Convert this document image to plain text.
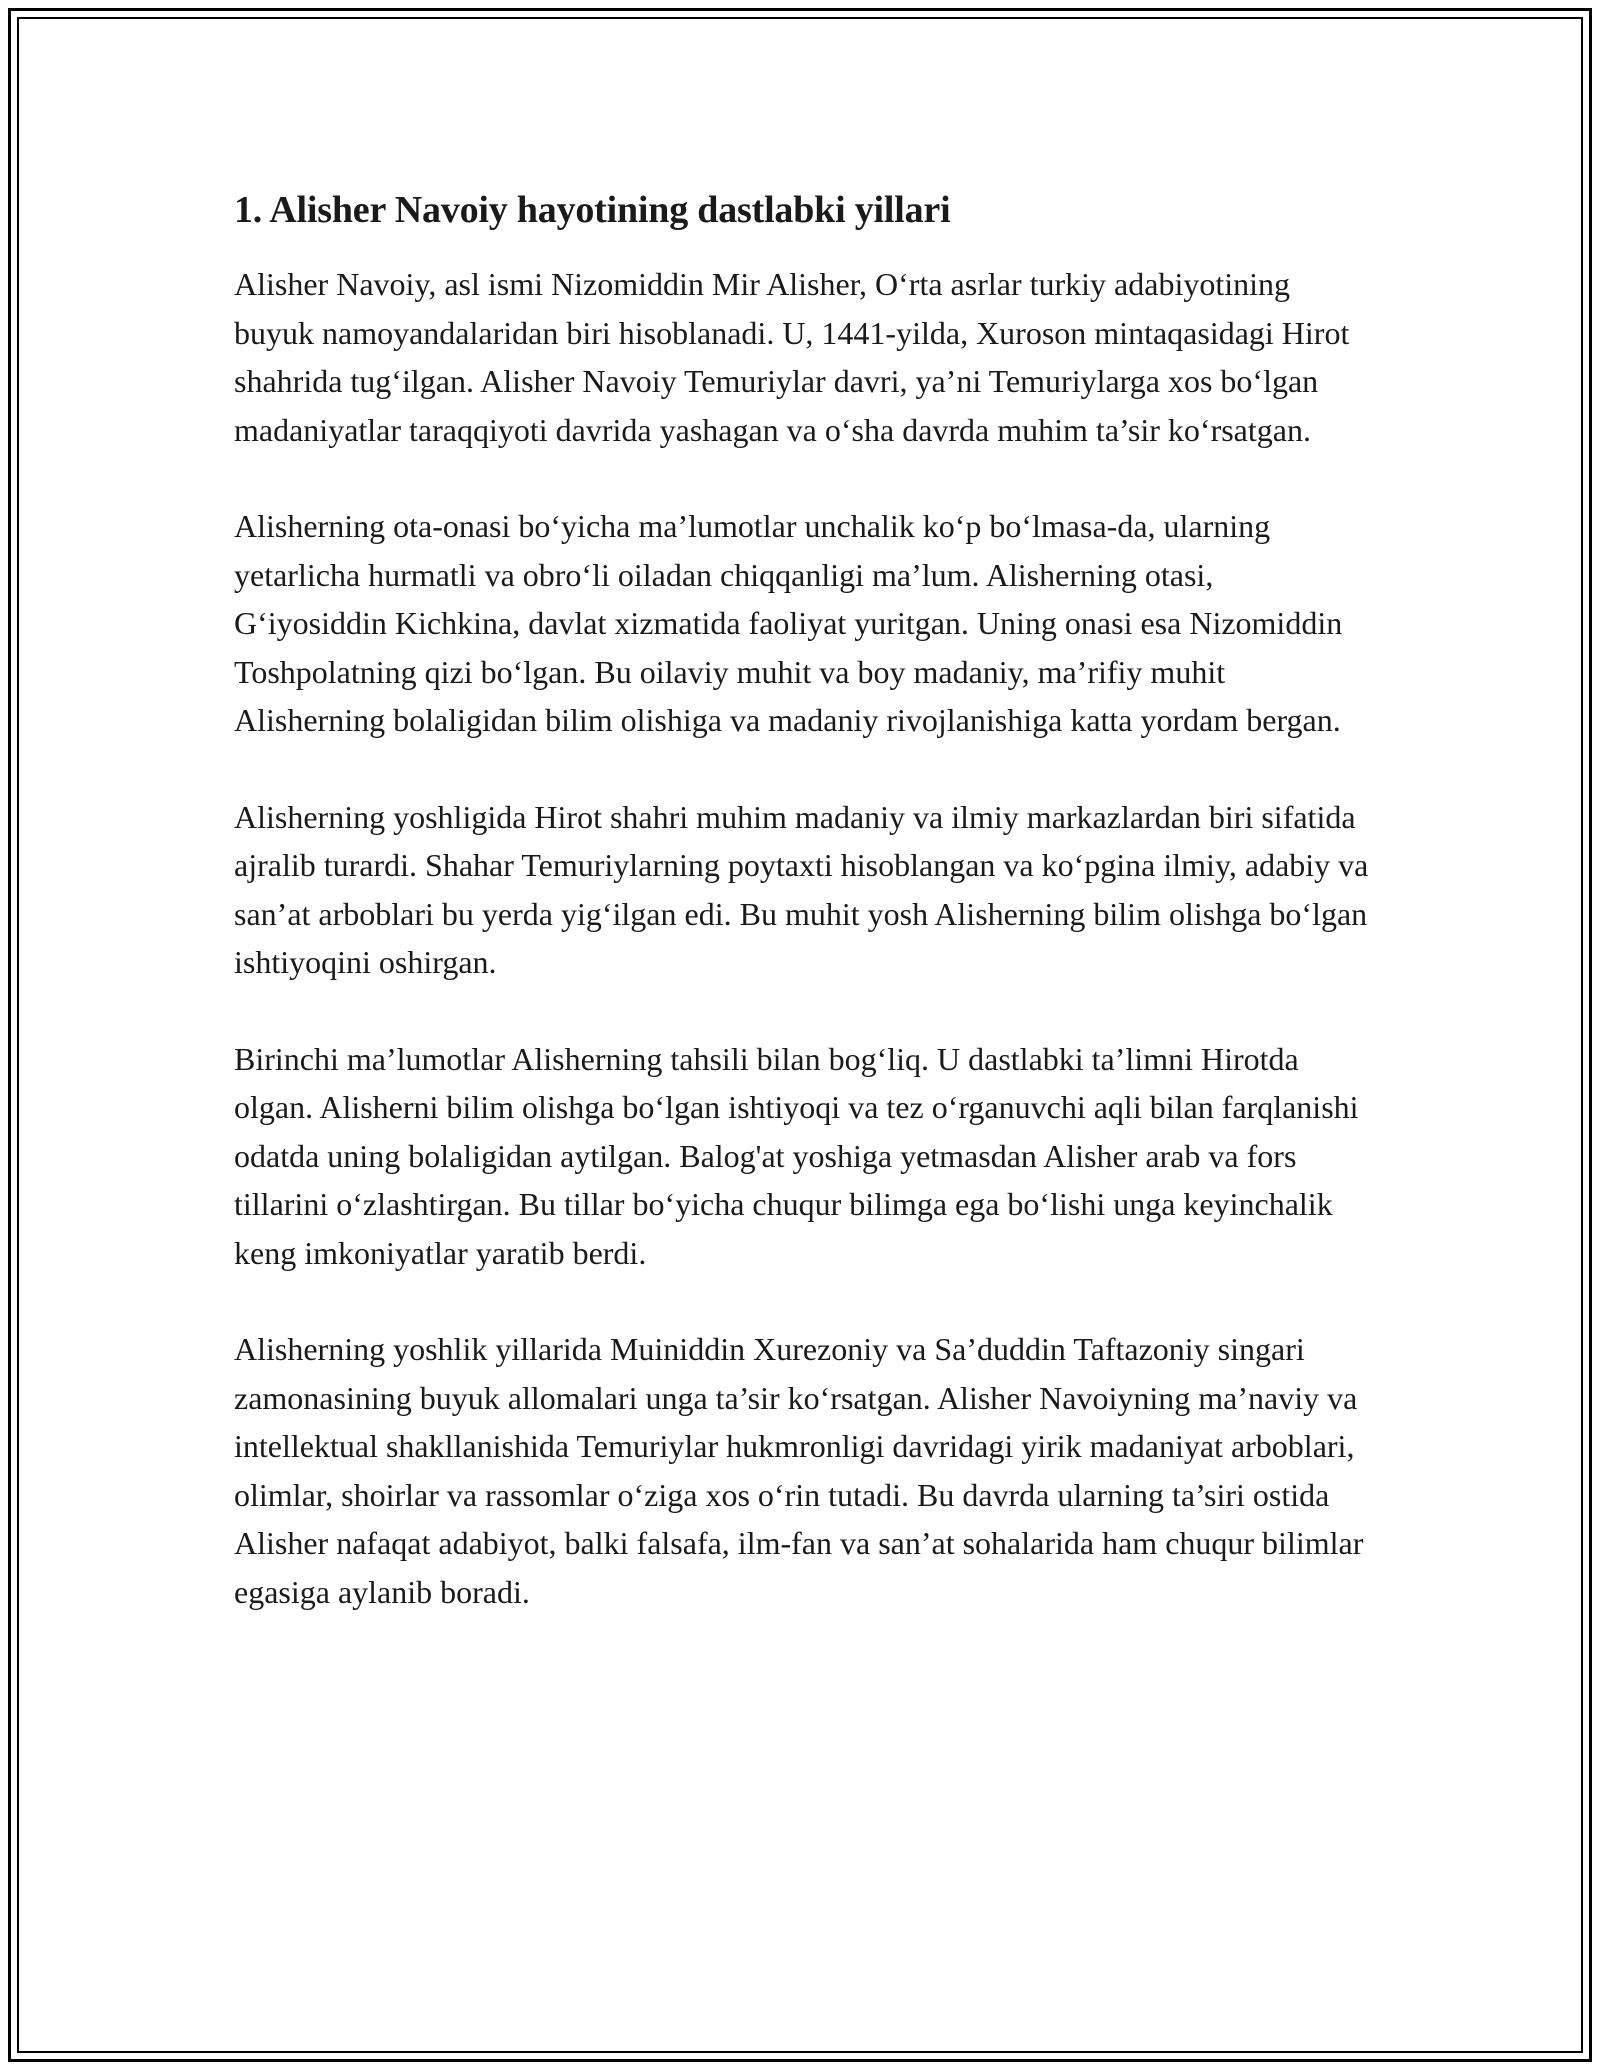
1. Alisher Navoiy hayotining dastlabki yillari

Alisher Navoiy, asl ismi Nizomiddin Mir Alisher, O‘rta asrlar turkiy adabiyotining buyuk namoyandalaridan biri hisoblanadi. U, 1441-yilda, Xuroson mintaqasidagi Hirot shahrida tug‘ilgan. Alisher Navoiy Temuriylar davri, ya’ni Temuriylarga xos bo‘lgan madaniyatlar taraqqiyoti davrida yashagan va o‘sha davrda muhim ta’sir ko‘rsatgan.

Alisherning ota-onasi bo‘yicha ma’lumotlar unchalik ko‘p bo‘lmasa-da, ularning yetarlicha hurmatli va obro‘li oiladan chiqqanligi ma’lum. Alisherning otasi, G‘iyosiddin Kichkina, davlat xizmatida faoliyat yuritgan. Uning onasi esa Nizomiddin Toshpolatning qizi bo‘lgan. Bu oilaviy muhit va boy madaniy, ma’rifiy muhit Alisherning bolaligidan bilim olishiga va madaniy rivojlanishiga katta yordam bergan.

Alisherning yoshligida Hirot shahri muhim madaniy va ilmiy markazlardan biri sifatida ajralib turardi. Shahar Temuriylarning poytaxti hisoblangan va ko‘pgina ilmiy, adabiy va san’at arboblari bu yerda yig‘ilgan edi. Bu muhit yosh Alisherning bilim olishga bo‘lgan ishtiyoqini oshirgan.

Birinchi ma’lumotlar Alisherning tahsili bilan bog‘liq. U dastlabki ta’limni Hirotda olgan. Alisherni bilim olishga bo‘lgan ishtiyoqi va tez o‘rganuvchi aqli bilan farqlanishi odatda uning bolaligidan aytilgan. Balog'at yoshiga yetmasdan Alisher arab va fors tillarini o‘zlashtirgan. Bu tillar bo‘yicha chuqur bilimga ega bo‘lishi unga keyinchalik keng imkoniyatlar yaratib berdi.

Alisherning yoshlik yillarida Muiniddin Xurezoniy va Sa’duddin Taftazoniy singari zamonasining buyuk allomalari unga ta’sir ko‘rsatgan. Alisher Navoiyning ma’naviy va intellektual shakllanishida Temuriylar hukmronligi davridagi yirik madaniyat arboblari, olimlar, shoirlar va rassomlar o‘ziga xos o‘rin tutadi. Bu davrda ularning ta’siri ostida Alisher nafaqat adabiyot, balki falsafa, ilm-fan va san’at sohalarida ham chuqur bilimlar egasiga aylanib boradi.
